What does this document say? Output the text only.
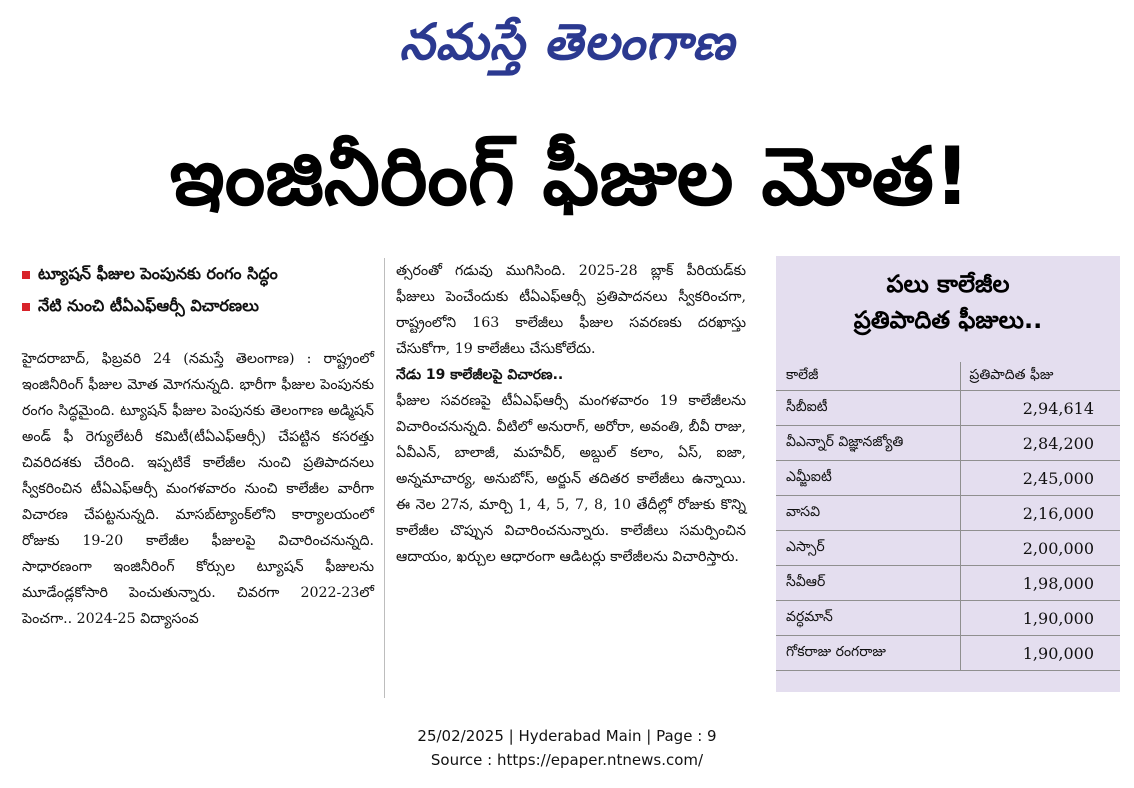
నమస్తే తెలంగాణ
ఇంజినీరింగ్ ఫీజుల మోత!
ట్యూషన్ ఫీజుల పెంపునకు రంగం సిద్ధం
నేటి నుంచి టీఏఎఫ్ఆర్సీ విచారణలు

హైదరాబాద్, ఫిబ్రవరి 24 (నమస్తే తెలంగాణ) : రాష్ట్రంలో ఇంజినీరింగ్ ఫీజుల మోత మోగనున్నది. భారీగా ఫీజుల పెంపునకు రంగం సిద్ధమైంది. ట్యూషన్ ఫీజుల పెంపునకు తెలంగాణ అడ్మిషన్ అండ్ ఫీ రెగ్యులేటరీ కమిటీ(టీఏఎఫ్ఆర్సీ) చేపట్టిన కసరత్తు చివరిదశకు చేరింది. ఇప్పటికే కాలేజీల నుంచి ప్రతిపాదనలు స్వీకరించిన టీఏఎఫ్ఆర్సీ మంగళవారం నుంచి కాలేజీల వారీగా విచారణ చేపట్టనున్నది. మాసబ్‌ట్యాంక్‌లోని కార్యాలయంలో రోజుకు 19-20 కాలేజీల ఫీజులపై విచారించనున్నది. సాధారణంగా ఇంజినీరింగ్ కోర్సుల ట్యూషన్ ఫీజులను మూడేండ్లకోసారి పెంచుతున్నారు. చివరగా 2022-23లో పెంచగా.. 2024-25 విద్యాసంవ

త్సరంతో గడువు ముగిసింది. 2025-28 బ్లాక్ పీరియడ్‌కు ఫీజులు పెంచేందుకు టీఏఎఫ్ఆర్సీ ప్రతిపాదనలు స్వీకరించగా, రాష్ట్రంలోని 163 కాలేజీలు ఫీజుల సవరణకు దరఖాస్తు చేసుకోగా, 19 కాలేజీలు చేసుకోలేదు.

నేడు 19 కాలేజీలపై విచారణ..

ఫీజుల సవరణపై టీఏఎఫ్ఆర్సీ మంగళవారం 19 కాలేజీలను విచారించనున్నది. వీటిలో అనురాగ్, అరోరా, అవంతి, బీవీ రాజు, ఏవీఎన్, బాలాజీ, మహవీర్, అబ్దుల్ కలాం, ఏస్, ఐజా, అన్నమాచార్య, అనుబోస్, అర్జున్ తదితర కాలేజీలు ఉన్నాయి. ఈ నెల 27న, మార్చి 1, 4, 5, 7, 8, 10 తేదీల్లో రోజుకు కొన్ని కాలేజీల చొప్పున విచారించనున్నారు. కాలేజీలు సమర్పించిన ఆదాయం, ఖర్చుల ఆధారంగా ఆడిటర్లు కాలేజీలను విచారిస్తారు.

పలు కాలేజీల
ప్రతిపాదిత ఫీజులు..
కాలేజీ	ప్రతిపాదిత ఫీజు
సీబీఐటీ	2,94,614
వీఎన్నార్ విజ్ఞానజ్యోతి	2,84,200
ఎమ్జీఐటీ	2,45,000
వాసవి	2,16,000
ఎస్సార్	2,00,000
సీవీఆర్	1,98,000
వర్ధమాన్	1,90,000
గోకరాజు రంగరాజు	1,90,000
25/02/2025 | Hyderabad Main | Page : 9
Source : https://epaper.ntnews.com/
